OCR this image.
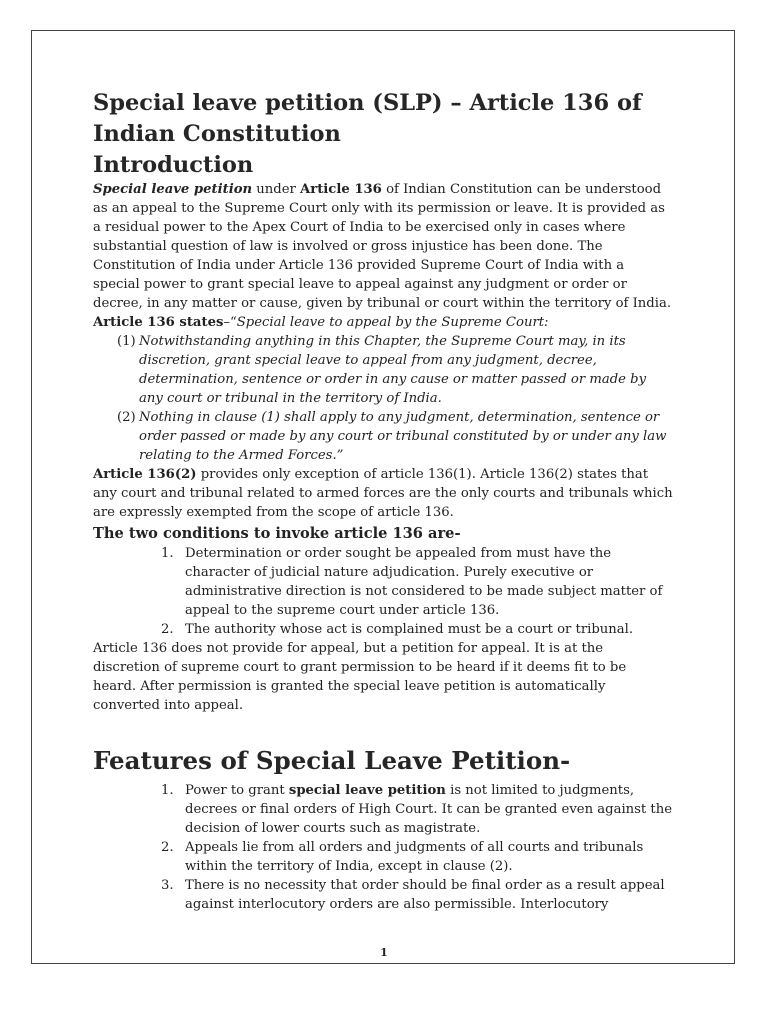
Special leave petition (SLP) – Article 136 of Indian Constitution
Introduction

Special leave petition under Article 136 of Indian Constitution can be understood as an appeal to the Supreme Court only with its permission or leave. It is provided as a residual power to the Apex Court of India to be exercised only in cases where substantial question of law is involved or gross injustice has been done. The Constitution of India under Article 136 provided Supreme Court of India with a special power to grant special leave to appeal against any judgment or order or decree, in any matter or cause, given by tribunal or court within the territory of India.

Article 136 states–“Special leave to appeal by the Supreme Court:

(1) Notwithstanding anything in this Chapter, the Supreme Court may, in its discretion, grant special leave to appeal from any judgment, decree, determination, sentence or order in any cause or matter passed or made by any court or tribunal in the territory of India.
(2) Nothing in clause (1) shall apply to any judgment, determination, sentence or order passed or made by any court or tribunal constituted by or under any law relating to the Armed Forces.”

Article 136(2) provides only exception of article 136(1). Article 136(2) states that any court and tribunal related to armed forces are the only courts and tribunals which are expressly exempted from the scope of article 136.

The two conditions to invoke article 136 are-
1. Determination or order sought be appealed from must have the character of judicial nature adjudication. Purely executive or administrative direction is not considered to be made subject matter of appeal to the supreme court under article 136.
2. The authority whose act is complained must be a court or tribunal.

Article 136 does not provide for appeal, but a petition for appeal. It is at the discretion of supreme court to grant permission to be heard if it deems fit to be heard. After permission is granted the special leave petition is automatically converted into appeal.

Features of Special Leave Petition-
1. Power to grant special leave petition is not limited to judgments, decrees or final orders of High Court. It can be granted even against the decision of lower courts such as magistrate.
2. Appeals lie from all orders and judgments of all courts and tribunals within the territory of India, except in clause (2).
3. There is no necessity that order should be final order as a result appeal against interlocutory orders are also permissible. Interlocutory
1
